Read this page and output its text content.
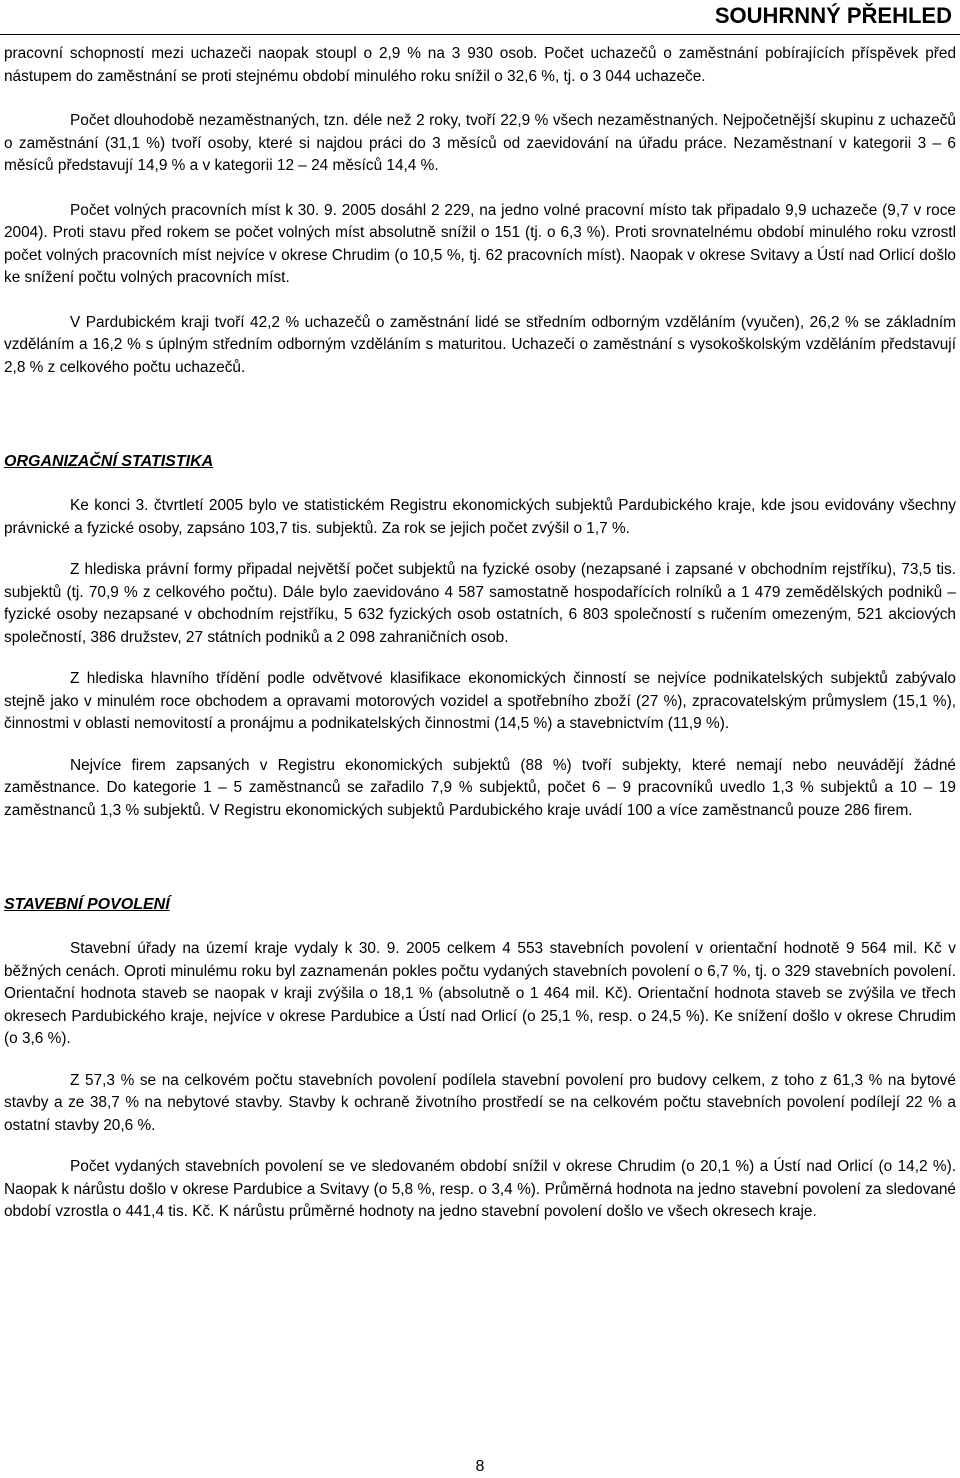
SOUHRNNÝ PŘEHLED

pracovní schopností mezi uchazeči naopak stoupl o 2,9 % na 3 930 osob. Počet uchazečů o zaměstnání pobírajících příspěvek před nástupem do zaměstnání se proti stejnému období minulého roku snížil o 32,6 %, tj. o 3 044 uchazeče.

Počet dlouhodobě nezaměstnaných, tzn. déle než 2 roky, tvoří 22,9 % všech nezaměstnaných. Nejpočetnější skupinu z uchazečů o zaměstnání (31,1 %) tvoří osoby, které si najdou práci do 3 měsíců od zaevidování na úřadu práce. Nezaměstnaní v kategorii 3 – 6 měsíců představují 14,9 % a v kategorii 12 – 24 měsíců 14,4 %.

Počet volných pracovních míst k 30. 9. 2005 dosáhl 2 229, na jedno volné pracovní místo tak připadalo 9,9 uchazeče (9,7 v roce 2004). Proti stavu před rokem se počet volných míst absolutně snížil o 151 (tj. o 6,3 %). Proti srovnatelnému období minulého roku vzrostl počet volných pracovních míst nejvíce v okrese Chrudim (o 10,5 %, tj. 62 pracovních míst). Naopak v okrese Svitavy a Ústí nad Orlicí došlo ke snížení počtu volných pracovních míst.

V Pardubickém kraji tvoří 42,2 % uchazečů o zaměstnání lidé se středním odborným vzděláním (vyučen), 26,2 % se základním vzděláním a 16,2 % s úplným středním odborným vzděláním s maturitou. Uchazeči o zaměstnání s vysokoškolským vzděláním představují 2,8 % z celkového počtu uchazečů.

ORGANIZAČNÍ STATISTIKA

Ke konci 3. čtvrtletí 2005 bylo ve statistickém Registru ekonomických subjektů Pardubického kraje, kde jsou evidovány všechny právnické a fyzické osoby, zapsáno 103,7 tis. subjektů. Za rok se jejich počet zvýšil o 1,7 %.

Z hlediska právní formy připadal největší počet subjektů na fyzické osoby (nezapsané i zapsané v obchodním rejstříku), 73,5 tis. subjektů (tj. 70,9 % z celkového počtu). Dále bylo zaevidováno 4 587 samostatně hospodařících rolníků a 1 479 zemědělských podniků – fyzické osoby nezapsané v obchodním rejstříku, 5 632 fyzických osob ostatních, 6 803 společností s ručením omezeným, 521 akciových společností, 386 družstev, 27 státních podniků a 2 098 zahraničních osob.

Z hlediska hlavního třídění podle odvětvové klasifikace ekonomických činností se nejvíce podnikatelských subjektů zabývalo stejně jako v minulém roce obchodem a opravami motorových vozidel a spotřebního zboží (27 %), zpracovatelským průmyslem (15,1 %), činnostmi v oblasti nemovitostí a pronájmu a podnikatelských činnostmi (14,5 %) a stavebnictvím (11,9 %).

Nejvíce firem zapsaných v Registru ekonomických subjektů (88 %) tvoří subjekty, které nemají nebo neuvádějí žádné zaměstnance. Do kategorie 1 – 5 zaměstnanců se zařadilo 7,9 % subjektů, počet 6 – 9 pracovníků uvedlo 1,3 % subjektů a 10 – 19 zaměstnanců 1,3 % subjektů. V Registru ekonomických subjektů Pardubického kraje uvádí 100 a více zaměstnanců pouze 286 firem.

STAVEBNÍ POVOLENÍ

Stavební úřady na území kraje vydaly k 30. 9. 2005 celkem 4 553 stavebních povolení v orientační hodnotě 9 564 mil. Kč v běžných cenách. Oproti minulému roku byl zaznamenán pokles počtu vydaných stavebních povolení o 6,7 %, tj. o 329 stavebních povolení. Orientační hodnota staveb se naopak v kraji zvýšila o 18,1 % (absolutně o 1 464 mil. Kč). Orientační hodnota staveb se zvýšila ve třech okresech Pardubického kraje, nejvíce v okrese Pardubice a Ústí nad Orlicí (o 25,1 %, resp. o 24,5 %). Ke snížení došlo v okrese Chrudim (o 3,6 %).

Z 57,3 % se na celkovém počtu stavebních povolení podílela stavební povolení pro budovy celkem, z toho z 61,3 % na bytové stavby a ze 38,7 % na nebytové stavby. Stavby k ochraně životního prostředí se na celkovém počtu stavebních povolení podílejí 22 % a ostatní stavby 20,6 %.

Počet vydaných stavebních povolení se ve sledovaném období snížil v okrese Chrudim (o 20,1 %) a Ústí nad Orlicí (o 14,2 %). Naopak k nárůstu došlo v okrese Pardubice a Svitavy (o 5,8 %, resp. o 3,4 %). Průměrná hodnota na jedno stavební povolení za sledované období vzrostla o 441,4 tis. Kč. K nárůstu průměrné hodnoty na jedno stavební povolení došlo ve všech okresech kraje.

8
